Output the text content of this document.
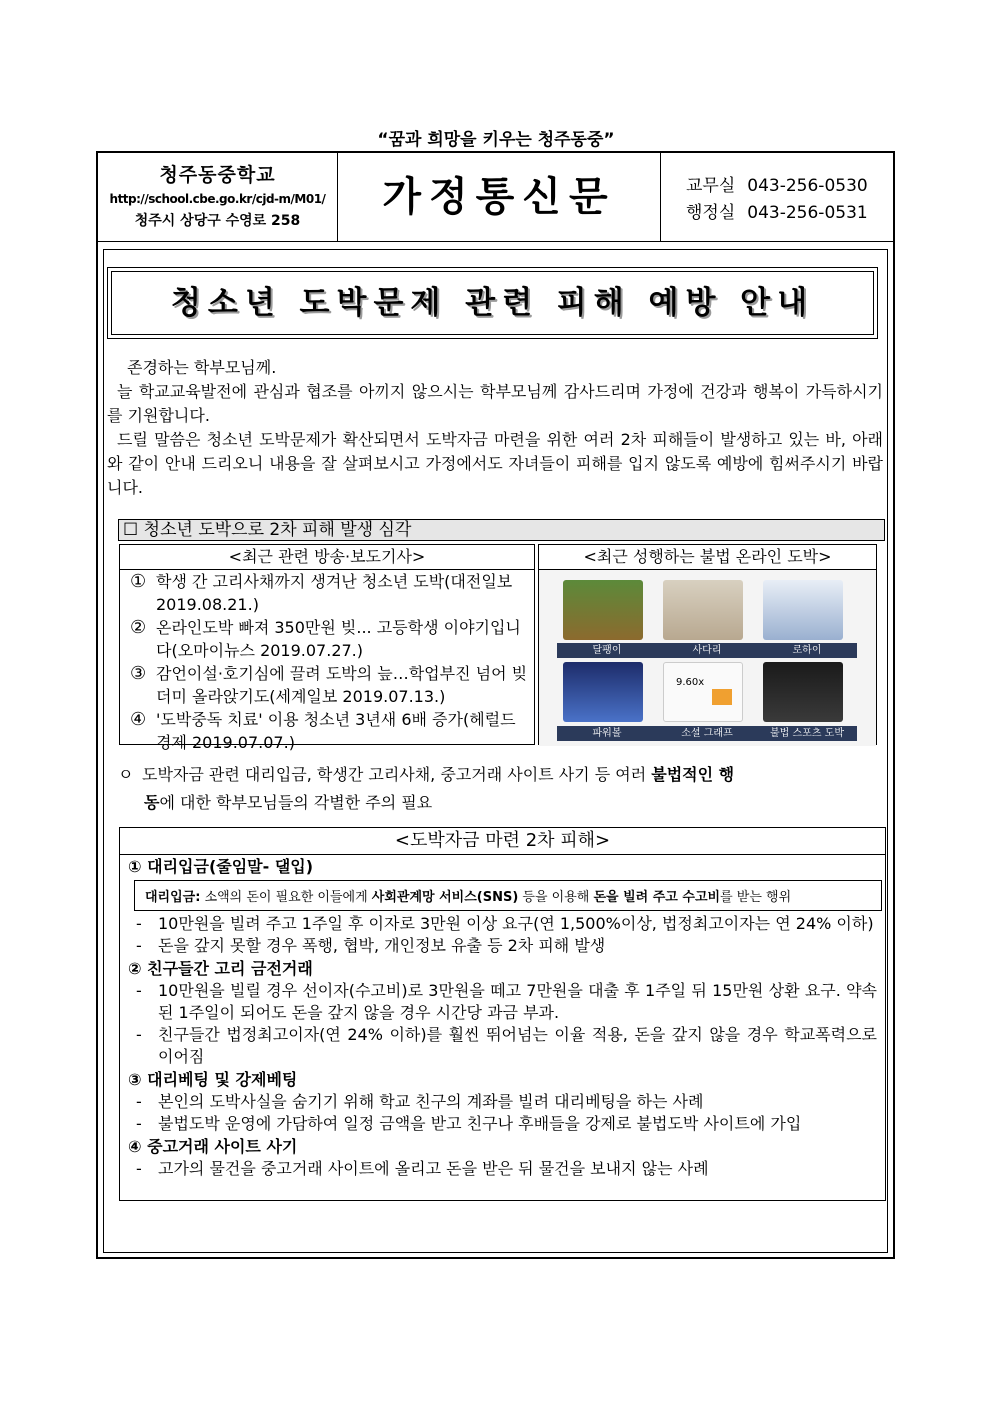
“꿈과 희망을 키우는 청주동중”
청주동중학교
http://school.cbe.go.kr/cjd-m/M01/
청주시 상당구 수영로 258
가정통신문	교무실 043-256-0530
행정실 043-256-0531
청소년 도박문제 관련 피해 예방 안내

존경하는 학부모님께.

늘 학교교육발전에 관심과 협조를 아끼지 않으시는 학부모님께 감사드리며 가정에 건강과 행복이 가득하시기를 기원합니다.

드릴 말씀은 청소년 도박문제가 확산되면서 도박자금 마련을 위한 여러 2차 피해들이 발생하고 있는 바, 아래와 같이 안내 드리오니 내용을 잘 살펴보시고 가정에서도 자녀들이 피해를 입지 않도록 예방에 힘써주시기 바랍니다.

☐ 청소년 도박으로 2차 피해 발생 심각
<최근 관련 방송·보도기사>
① 학생 간 고리사채까지 생겨난 청소년 도박(대전일보 2019.08.21.)
② 온라인도박 빠져 350만원 빚... 고등학생 이야기입니다(오마이뉴스 2019.07.27.)
③ 감언이설·호기심에 끌려 도박의 늪…학업부진 넘어 빚더미 올라앉기도(세계일보 2019.07.13.)
④ '도박중독 치료' 이용 청소년 3년새 6배 증가(헤럴드경제 2019.07.07.)
<최근 성행하는 불법 온라인 도박>
달팽이	사다리	로하이
9.60x
파워볼	소셜 그래프	불법 스포츠 도박
ㅇ 도박자금 관련 대리입금, 학생간 고리사채, 중고거래 사이트 사기 등 여러 불법적인 행
동에 대한 학부모님들의 각별한 주의 필요
<도박자금 마련 2차 피해>
① 대리입금(줄임말- 댈입)
대리입금: 소액의 돈이 필요한 이들에게 사회관계망 서비스(SNS) 등을 이용해 돈을 빌려 주고 수고비를 받는 행위
-	10만원을 빌려 주고 1주일 후 이자로 3만원 이상 요구(연 1,500%이상, 법정최고이자는 연 24% 이하)
-	돈을 갚지 못할 경우 폭행, 협박, 개인정보 유출 등 2차 피해 발생
② 친구들간 고리 금전거래
-	10만원을 빌릴 경우 선이자(수고비)로 3만원을 떼고 7만원을 대출 후 1주일 뒤 15만원 상환 요구. 약속된 1주일이 되어도 돈을 갚지 않을 경우 시간당 과금 부과.
-	친구들간 법정최고이자(연 24% 이하)를 훨씬 뛰어넘는 이율 적용, 돈을 갚지 않을 경우 학교폭력으로 이어짐
③ 대리베팅 및 강제베팅
-	본인의 도박사실을 숨기기 위해 학교 친구의 계좌를 빌려 대리베팅을 하는 사례
-	불법도박 운영에 가담하여 일정 금액을 받고 친구나 후배들을 강제로 불법도박 사이트에 가입
④ 중고거래 사이트 사기
-	고가의 물건을 중고거래 사이트에 올리고 돈을 받은 뒤 물건을 보내지 않는 사례
